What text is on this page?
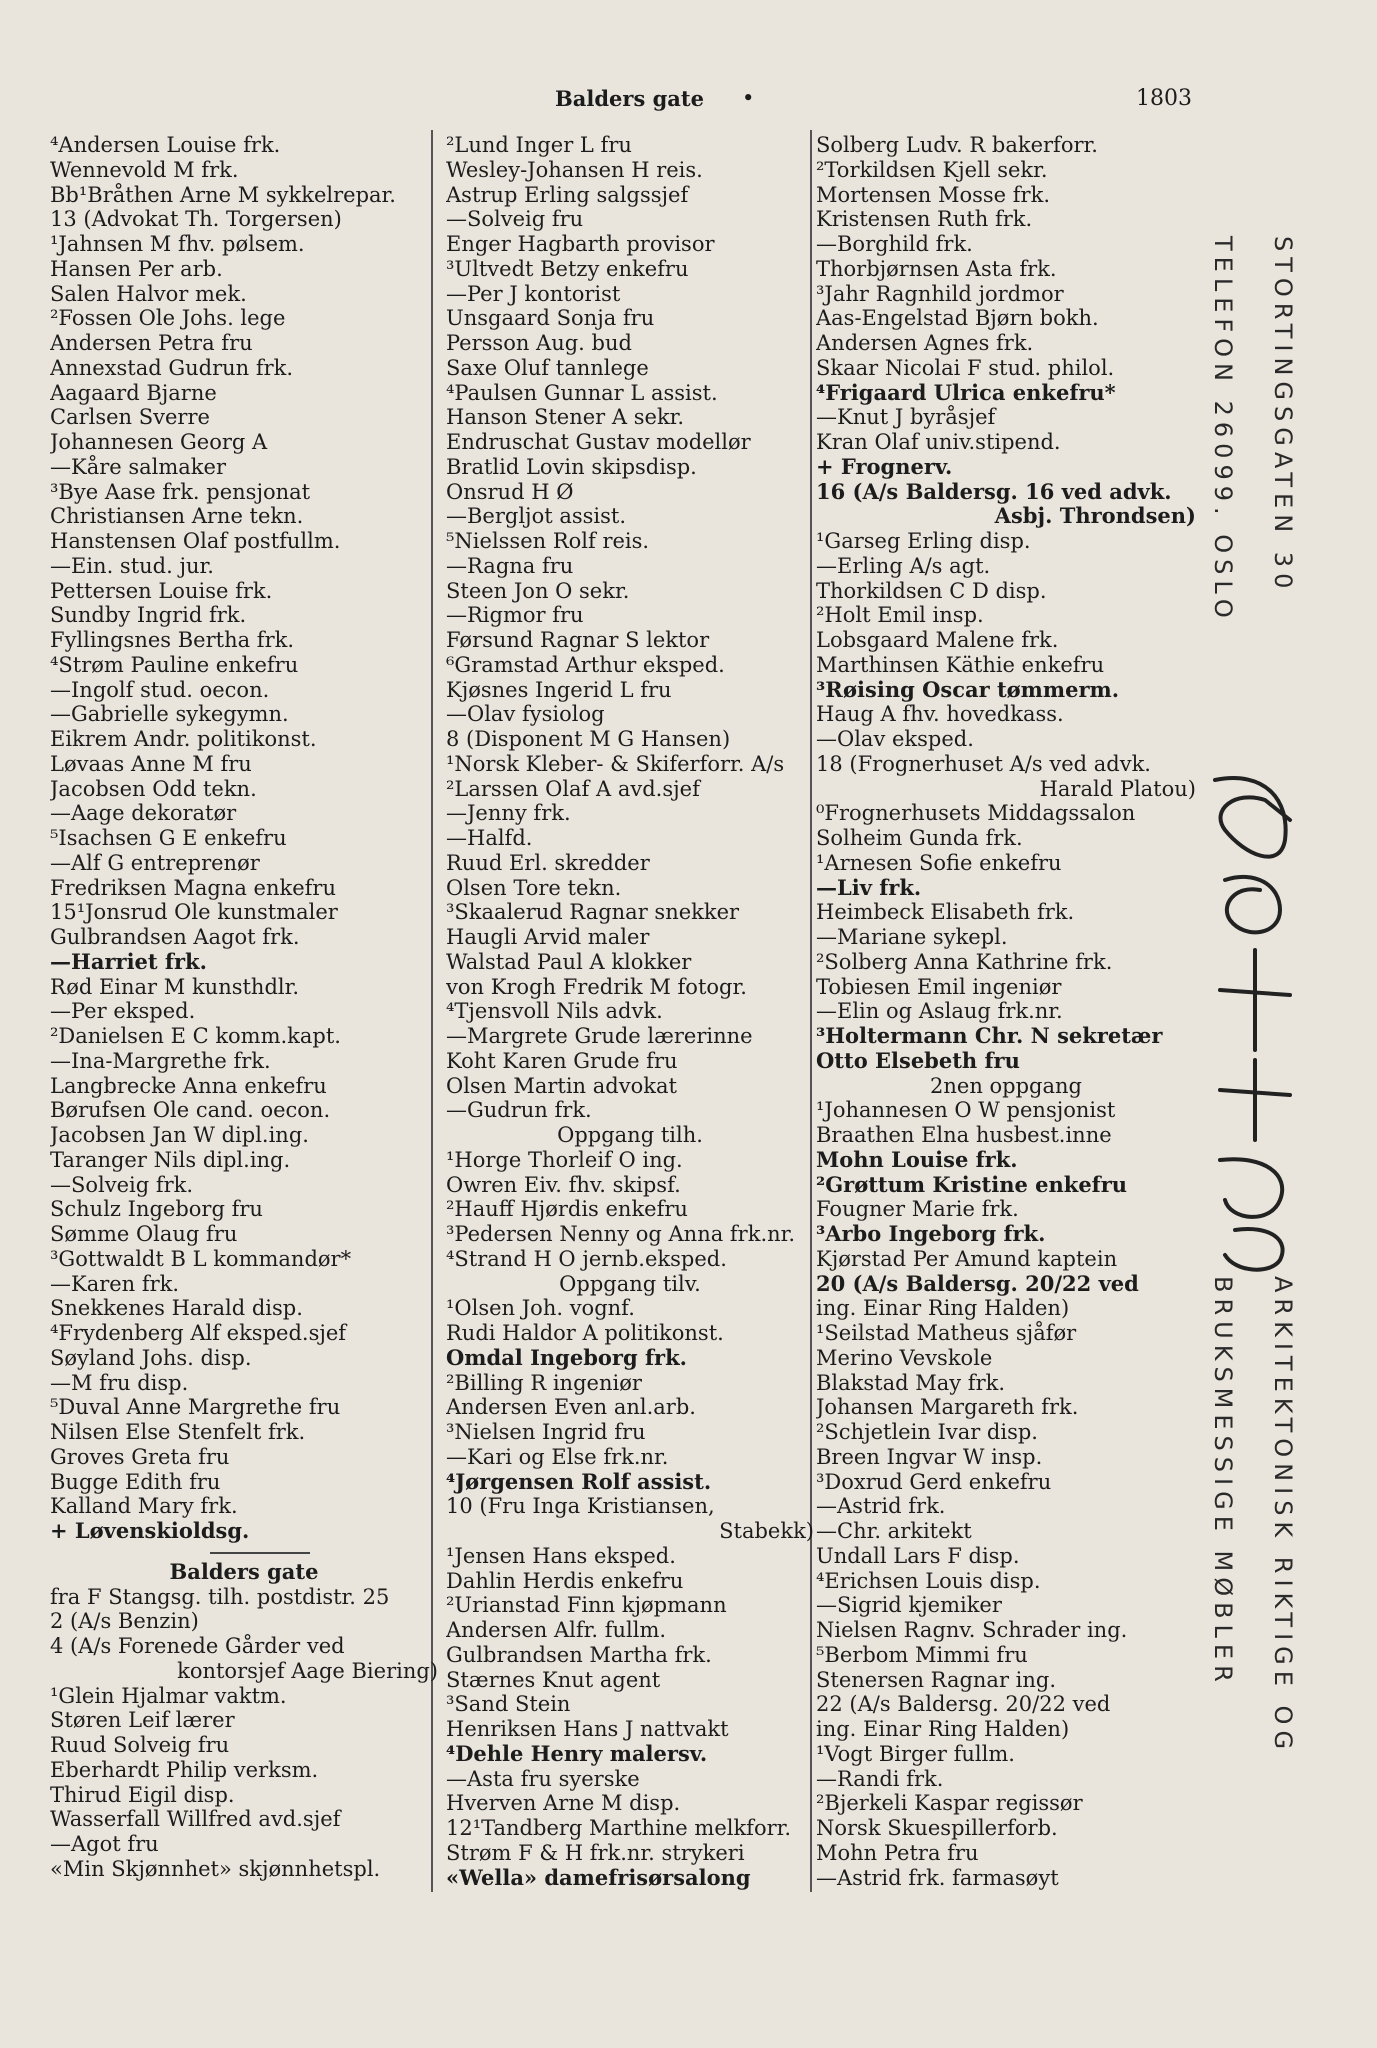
Balders gate •	1803
⁴Andersen Louise frk.
Wennevold M frk.
Bb¹Bråthen Arne M sykkelrepar.
13 (Advokat Th. Torgersen)
¹Jahnsen M fhv. pølsem.
Hansen Per arb.
Salen Halvor mek.
²Fossen Ole Johs. lege
Andersen Petra fru
Annexstad Gudrun frk.
Aagaard Bjarne
Carlsen Sverre
Johannesen Georg A
—Kåre salmaker
³Bye Aase frk. pensjonat
Christiansen Arne tekn.
Hanstensen Olaf postfullm.
—Ein. stud. jur.
Pettersen Louise frk.
Sundby Ingrid frk.
Fyllingsnes Bertha frk.
⁴Strøm Pauline enkefru
—Ingolf stud. oecon.
—Gabrielle sykegymn.
Eikrem Andr. politikonst.
Løvaas Anne M fru
Jacobsen Odd tekn.
—Aage dekoratør
⁵Isachsen G E enkefru
—Alf G entreprenør
Fredriksen Magna enkefru
15¹Jonsrud Ole kunstmaler
Gulbrandsen Aagot frk.
—Harriet frk.
Rød Einar M kunsthdlr.
—Per eksped.
²Danielsen E C komm.kapt.
—Ina-Margrethe frk.
Langbrecke Anna enkefru
Børufsen Ole cand. oecon.
Jacobsen Jan W dipl.ing.
Taranger Nils dipl.ing.
—Solveig frk.
Schulz Ingeborg fru
Sømme Olaug fru
³Gottwaldt B L kommandør*
—Karen frk.
Snekkenes Harald disp.
⁴Frydenberg Alf eksped.sjef
Søyland Johs. disp.
—M fru disp.
⁵Duval Anne Margrethe fru
Nilsen Else Stenfelt frk.
Groves Greta fru
Bugge Edith fru
Kalland Mary frk.
+ Løvenskioldsg.
Balders gate
fra F Stangsg. tilh. postdistr. 25
2 (A/s Benzin)
4 (A/s Forenede Gårder ved
kontorsjef Aage Biering)
¹Glein Hjalmar vaktm.
Støren Leif lærer
Ruud Solveig fru
Eberhardt Philip verksm.
Thirud Eigil disp.
Wasserfall Willfred avd.sjef
—Agot fru
«Min Skjønnhet» skjønnhetspl.
²Lund Inger L fru
Wesley-Johansen H reis.
Astrup Erling salgssjef
—Solveig fru
Enger Hagbarth provisor
³Ultvedt Betzy enkefru
—Per J kontorist
Unsgaard Sonja fru
Persson Aug. bud
Saxe Oluf tannlege
⁴Paulsen Gunnar L assist.
Hanson Stener A sekr.
Endruschat Gustav modellør
Bratlid Lovin skipsdisp.
Onsrud H Ø
—Bergljot assist.
⁵Nielssen Rolf reis.
—Ragna fru
Steen Jon O sekr.
—Rigmor fru
Førsund Ragnar S lektor
⁶Gramstad Arthur eksped.
Kjøsnes Ingerid L fru
—Olav fysiolog
8 (Disponent M G Hansen)
¹Norsk Kleber- & Skiferforr. A/s
²Larssen Olaf A avd.sjef
—Jenny frk.
—Halfd.
Ruud Erl. skredder
Olsen Tore tekn.
³Skaalerud Ragnar snekker
Haugli Arvid maler
Walstad Paul A klokker
von Krogh Fredrik M fotogr.
⁴Tjensvoll Nils advk.
—Margrete Grude lærerinne
Koht Karen Grude fru
Olsen Martin advokat
—Gudrun frk.
Oppgang tilh.
¹Horge Thorleif O ing.
Owren Eiv. fhv. skipsf.
²Hauff Hjørdis enkefru
³Pedersen Nenny og Anna frk.nr.
⁴Strand H O jernb.eksped.
Oppgang tilv.
¹Olsen Joh. vognf.
Rudi Haldor A politikonst.
Omdal Ingeborg frk.
²Billing R ingeniør
Andersen Even anl.arb.
³Nielsen Ingrid fru
—Kari og Else frk.nr.
⁴Jørgensen Rolf assist.
10 (Fru Inga Kristiansen,
Stabekk)
¹Jensen Hans eksped.
Dahlin Herdis enkefru
²Urianstad Finn kjøpmann
Andersen Alfr. fullm.
Gulbrandsen Martha frk.
Stærnes Knut agent
³Sand Stein
Henriksen Hans J nattvakt
⁴Dehle Henry malersv.
—Asta fru syerske
Hverven Arne M disp.
12¹Tandberg Marthine melkforr.
Strøm F & H frk.nr. strykeri
«Wella» damefrisørsalong
Solberg Ludv. R bakerforr.
²Torkildsen Kjell sekr.
Mortensen Mosse frk.
Kristensen Ruth frk.
—Borghild frk.
Thorbjørnsen Asta frk.
³Jahr Ragnhild jordmor
Aas-Engelstad Bjørn bokh.
Andersen Agnes frk.
Skaar Nicolai F stud. philol.
⁴Frigaard Ulrica enkefru*
—Knut J byråsjef
Kran Olaf univ.stipend.
+ Frognerv.
16 (A/s Baldersg. 16 ved advk.
Asbj. Throndsen)
¹Garseg Erling disp.
—Erling A/s agt.
Thorkildsen C D disp.
²Holt Emil insp.
Lobsgaard Malene frk.
Marthinsen Käthie enkefru
³Røising Oscar tømmerm.
Haug A fhv. hovedkass.
—Olav eksped.
18 (Frognerhuset A/s ved advk.
Harald Platou)
⁰Frognerhusets Middagssalon
Solheim Gunda frk.
¹Arnesen Sofie enkefru
—Liv frk.
Heimbeck Elisabeth frk.
—Mariane sykepl.
²Solberg Anna Kathrine frk.
Tobiesen Emil ingeniør
—Elin og Aslaug frk.nr.
³Holtermann Chr. N sekretær
Otto Elsebeth fru
2nen oppgang
¹Johannesen O W pensjonist
Braathen Elna husbest.inne
Mohn Louise frk.
²Grøttum Kristine enkefru
Fougner Marie frk.
³Arbo Ingeborg frk.
Kjørstad Per Amund kaptein
20 (A/s Baldersg. 20/22 ved
ing. Einar Ring Halden)
¹Seilstad Matheus sjåfør
Merino Vevskole
Blakstad May frk.
Johansen Margareth frk.
²Schjetlein Ivar disp.
Breen Ingvar W insp.
³Doxrud Gerd enkefru
—Astrid frk.
—Chr. arkitekt
Undall Lars F disp.
⁴Erichsen Louis disp.
—Sigrid kjemiker
Nielsen Ragnv. Schrader ing.
⁵Berbom Mimmi fru
Stenersen Ragnar ing.
22 (A/s Baldersg. 20/22 ved
ing. Einar Ring Halden)
¹Vogt Birger fullm.
—Randi frk.
²Bjerkeli Kaspar regissør
Norsk Skuespillerforb.
Mohn Petra fru
—Astrid frk. farmasøyt
STORTINGSGATEN 30
TELEFON 26099. OSLO
ARKITEKTONISK RIKTIGE OG
BRUKSMESSIGE MØBLER
